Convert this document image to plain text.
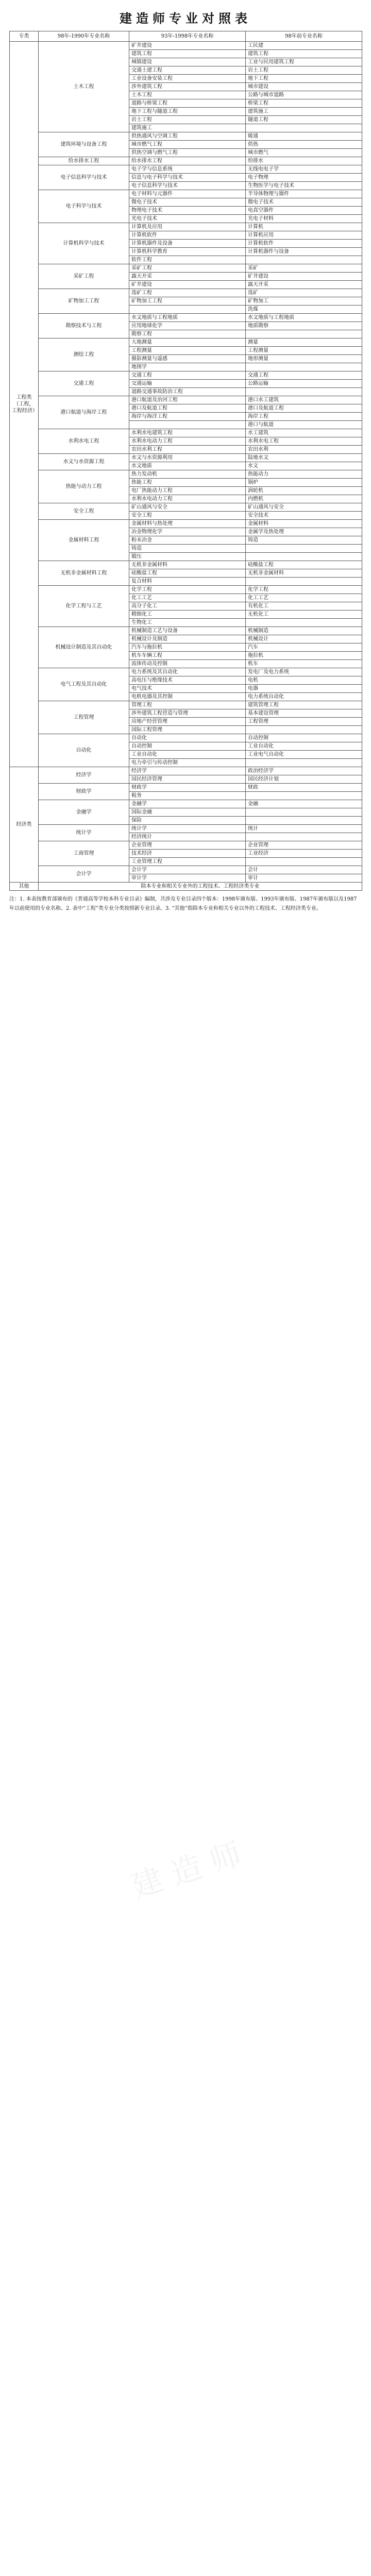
建造师专业对照表
专类	98年-1990年专业名称	93年-1998年专业名称	98年前专业名称
工程类（工程，工程经济）	土木工程	矿井建设	工民建
		建筑工程	建筑工程
		城镇建设	工业与民用建筑工程
		交通土建工程	岩土工程
		工业设备安装工程	地下工程
		涉外建筑工程	城市建设
		土木工程	公路与城市道路
		道路与桥梁工程	桥梁工程
		地下工程与隧道工程	建筑施工
		岩土工程	隧道工程
		建筑施工	
	建筑环境与设备工程	供热通风与空调工程	暖通
		城市燃气工程	供热
		供热空调与燃气工程	城市燃气
	给水排水工程	给水排水工程	给排水
	电子信息科学与技术	电子学与信息系统	无线电电子学
		信息与电子科学与技术	电子物理
		电子信息科学与技术	生物医学与电子技术
	电子科学与技术	电子材料与元器件	半导体物理与器件
		微电子技术	微电子技术
		物理电子技术	电真空器件
		光电子技术	光电子材料
	计算机科学与技术	计算机及应用	计算机
		计算机软件	计算机应用
		计算机器件及设备	计算机软件
		计算机科学教育	计算机器件与设备
		软件工程	
	采矿工程	采矿工程	采矿
		露天开采	矿井建设
		矿井建设	露天开采
	矿物加工工程	选矿工程	选矿
		矿物加工工程	矿物加工
			洗煤
	勘察技术与工程	水文地质与工程地质	水文地质与工程地质
		应用地球化学	地质勘察
		勘察工程	
	测绘工程	大地测量	测量
		工程测量	工程测量
		摄影测量与遥感	地形测量
		地图学	
	交通工程	交通工程	交通工程
		交通运输	公路运输
		道路交通事故防治工程	
	港口航道与海岸工程	港口航道及治河工程	港口水工建筑
		港口及航道工程	港口及航道工程
		海岸与海洋工程	海岸工程
			港口与航道
	水利水电工程	水利水电建筑工程	水工建筑
		水利水电动力工程	水利水电工程
		农田水利工程	农田水利
	水文与水资源工程	水文与水资源利用	陆地水文
		水文地质	水文
	热能与动力工程	热力发动机	热能动力
		热能工程	锅炉
		电厂热能动力工程	涡轮机
		水利水电动力工程	内燃机
	安全工程	矿山通风与安全	矿山通风与安全
		安全工程	安全技术
	金属材料工程	金属材料与热处理	金属材料
		冶金物理化学	金属学及热处理
		粉末冶金	铸造
		铸造	
		锻压	
	无机非金属材料工程	无机非金属材料	硅酸盐工程
		硅酸盐工程	无机非金属材料
		复合材料	
	化学工程与工艺	化学工程	化学工程
		化工工艺	化工工艺
		高分子化工	有机化工
		精细化工	无机化工
		生物化工	
	机械设计制造及其自动化	机械制造工艺与设备	机械制造
		机械设计及制造	机械设计
		汽车与拖拉机	汽车
		机车车辆工程	拖拉机
		流体传动及控制	机车
	电气工程及其自动化	电力系统及其自动化	发电厂及电力系统
		高电压与绝缘技术	电机
		电气技术	电器
		电机电器及其控制	电力系统自动化
	工程管理	管理工程	建筑管理工程
		涉外建筑工程营造与管理	基本建设管理
		房地产经营管理	工程管理
		国际工程管理	
	自动化	自动化	自动控制
		自动控制	工业自动化
		工业自动化	工业电气自动化
		电力牵引与传动控制	
经济类	经济学	经济学	政治经济学
		国民经济管理	国民经济计划
	财政学	财政学	财政
		税务	
	金融学	金融学	金融
		国际金融	
		保险	
	统计学	统计学	统计
		经济统计	
	工商管理	企业管理	企业管理
		技术经济	工业经济
		工业管理工程	
	会计学	会计学	会计
		审计学	审计
其他	除本专业和相关专业外的工程技术、工程经济类专业		
注：1. 本表按教育部颁布的《普通高等学校本科专业目录》编制，共涉及专业目录四个版本：1998年颁布版、1993年颁布版、1987年颁布版以及1987年以前使用的专业名称。2. 表中“工程”类专业分类按照新专业目录。3. “其他”指除本专业和相关专业以外的工程技术、工程经济类专业。
建造师
